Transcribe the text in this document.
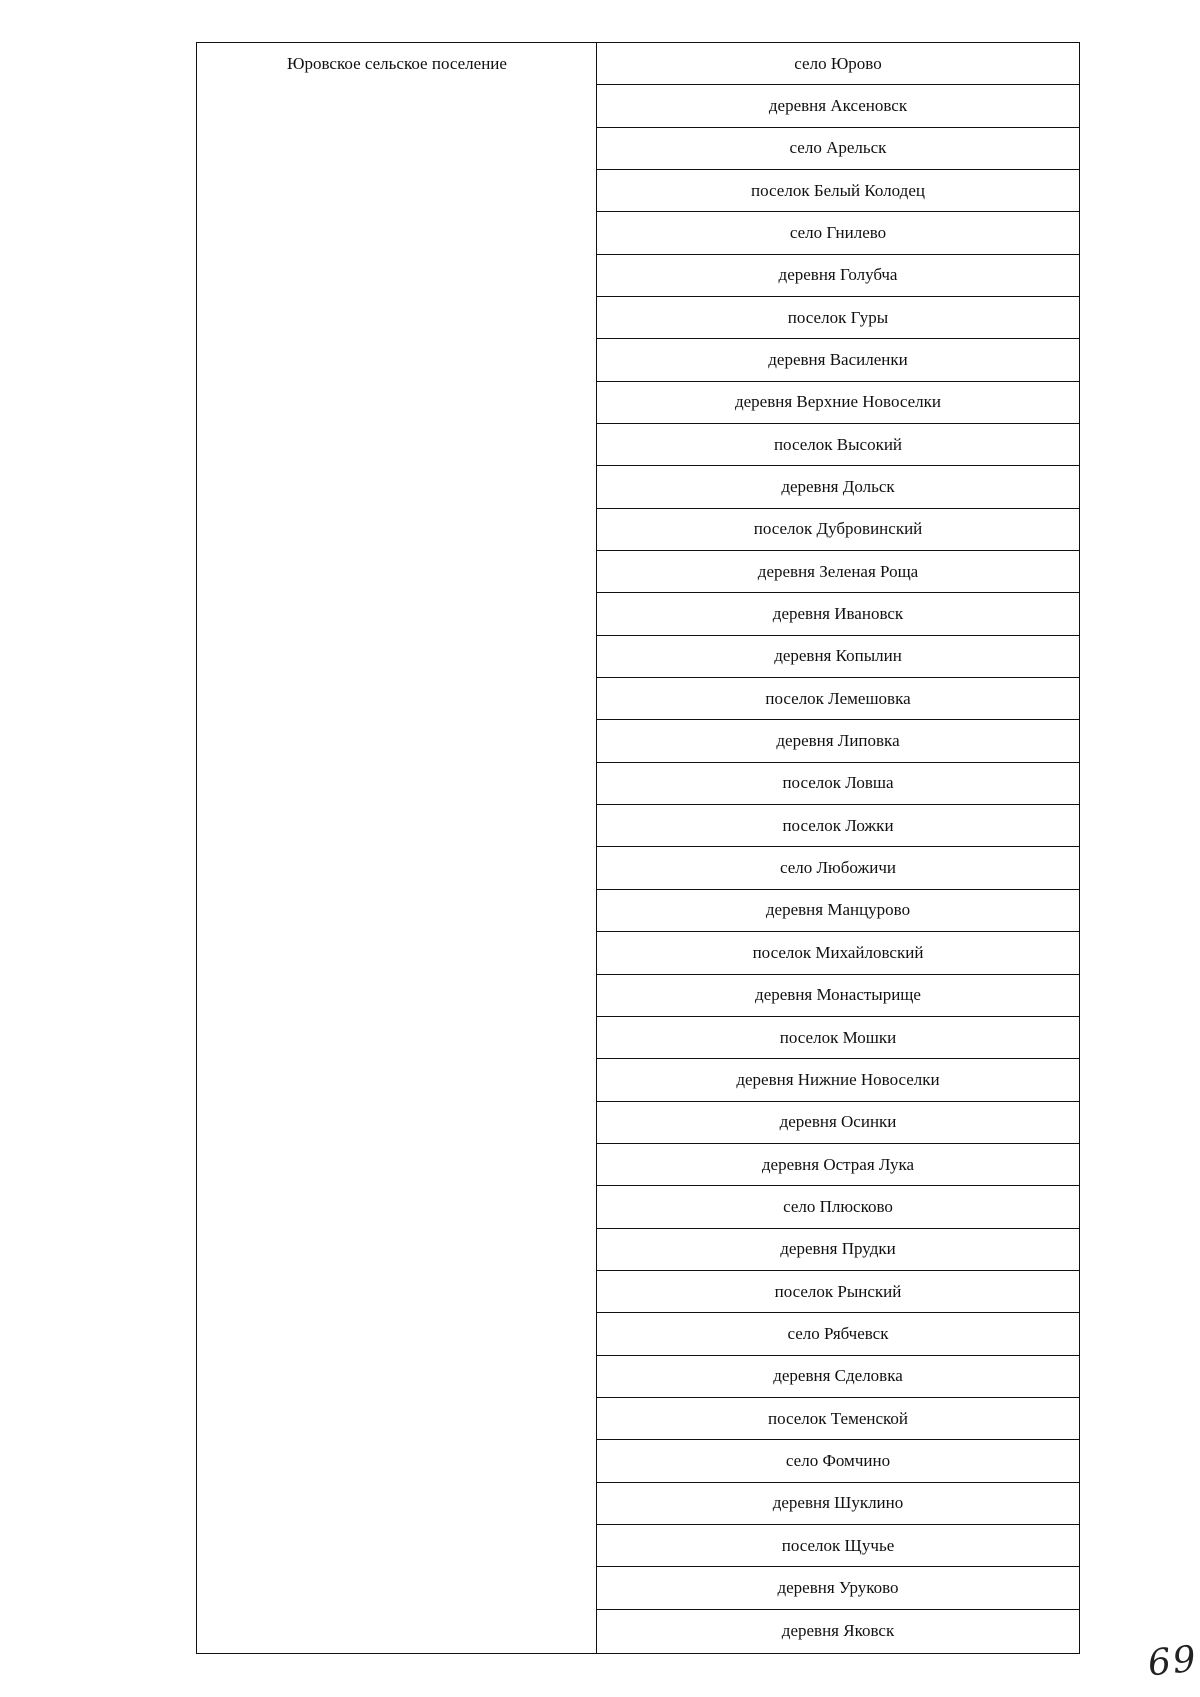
Юровское сельское поселение	село Юрово
деревня Аксеновск
село Арельск
поселок Белый Колодец
село Гнилево
деревня Голубча
поселок Гуры
деревня Василенки
деревня Верхние Новоселки
поселок Высокий
деревня Дольск
поселок Дубровинский
деревня Зеленая Роща
деревня Ивановск
деревня Копылин
поселок Лемешовка
деревня Липовка
поселок Ловша
поселок Ложки
село Любожичи
деревня Манцурово
поселок Михайловский
деревня Монастырище
поселок Мошки
деревня Нижние Новоселки
деревня Осинки
деревня Острая Лука
село Плюсково
деревня Прудки
поселок Рынский
село Рябчевск
деревня Сделовка
поселок Теменской
село Фомчино
деревня Шуклино
поселок Щучье
деревня Уруково
деревня Яковск
69
